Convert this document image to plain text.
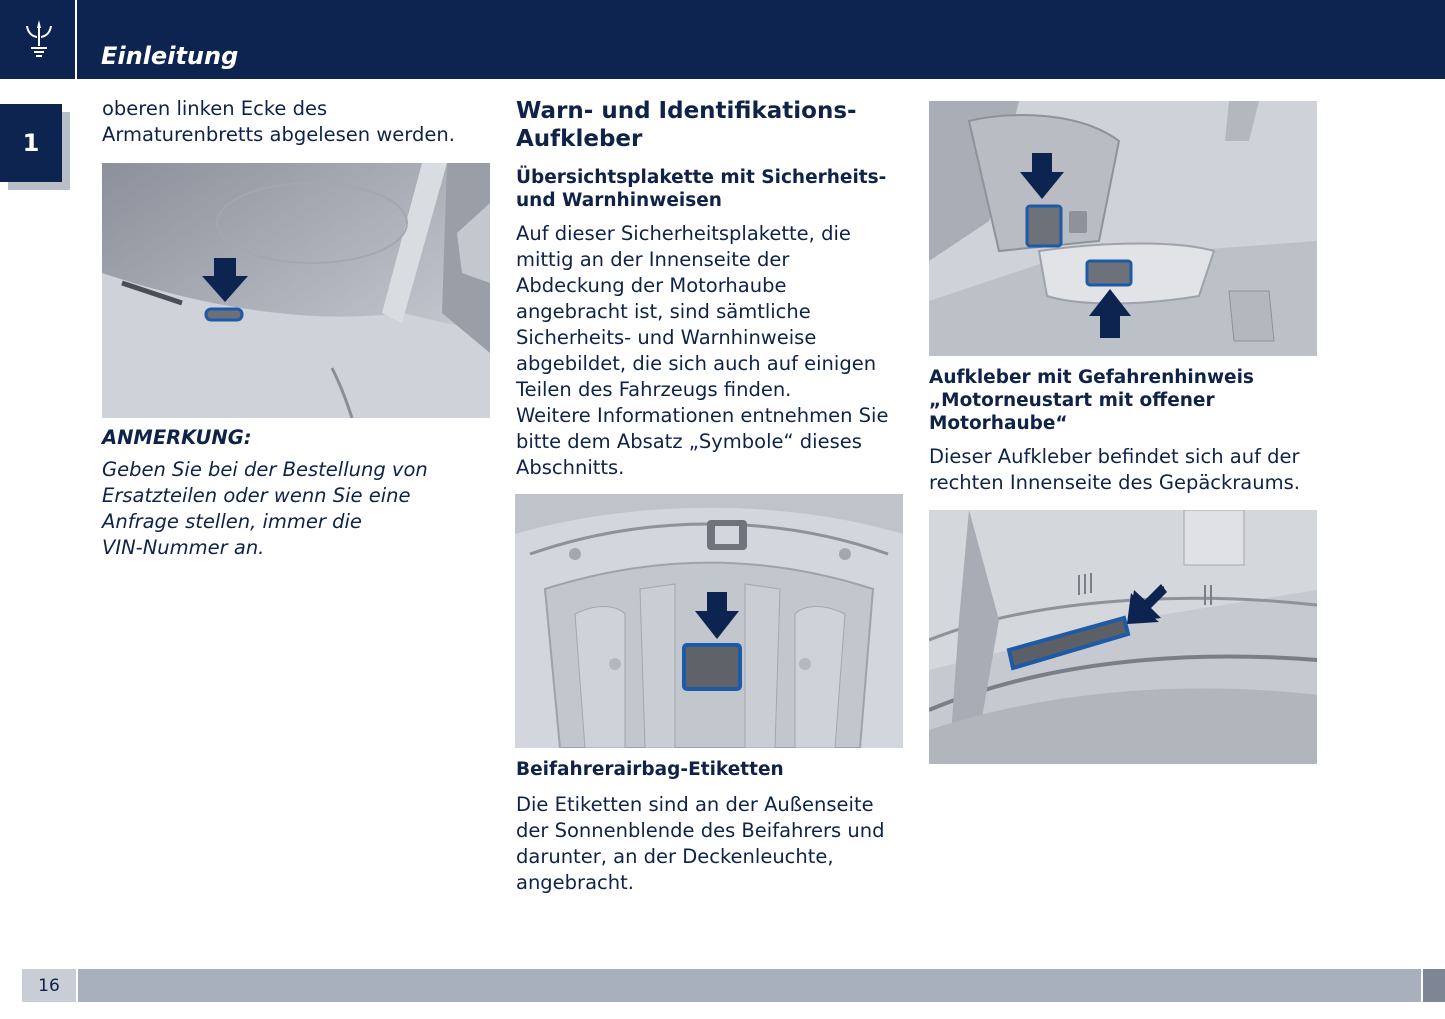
Einleitung
1
oberen linken Ecke des
Armaturenbretts abgelesen werden.
ANMERKUNG:
Geben Sie bei der Bestellung von
Ersatzteilen oder wenn Sie eine
Anfrage stellen, immer die
VIN-Nummer an.
Warn- und Identifikations-
Aufkleber
Übersichtsplakette mit Sicherheits-
und Warnhinweisen
Auf dieser Sicherheitsplakette, die
mittig an der Innenseite der
Abdeckung der Motorhaube
angebracht ist, sind sämtliche
Sicherheits- und Warnhinweise
abgebildet, die sich auch auf einigen
Teilen des Fahrzeugs finden.
Weitere Informationen entnehmen Sie
bitte dem Absatz „Symbole“ dieses
Abschnitts.
Beifahrerairbag-Etiketten
Die Etiketten sind an der Außenseite
der Sonnenblende des Beifahrers und
darunter, an der Deckenleuchte,
angebracht.
Aufkleber mit Gefahrenhinweis
„Motorneustart mit offener
Motorhaube“
Dieser Aufkleber befindet sich auf der
rechten Innenseite des Gepäckraums.
16
